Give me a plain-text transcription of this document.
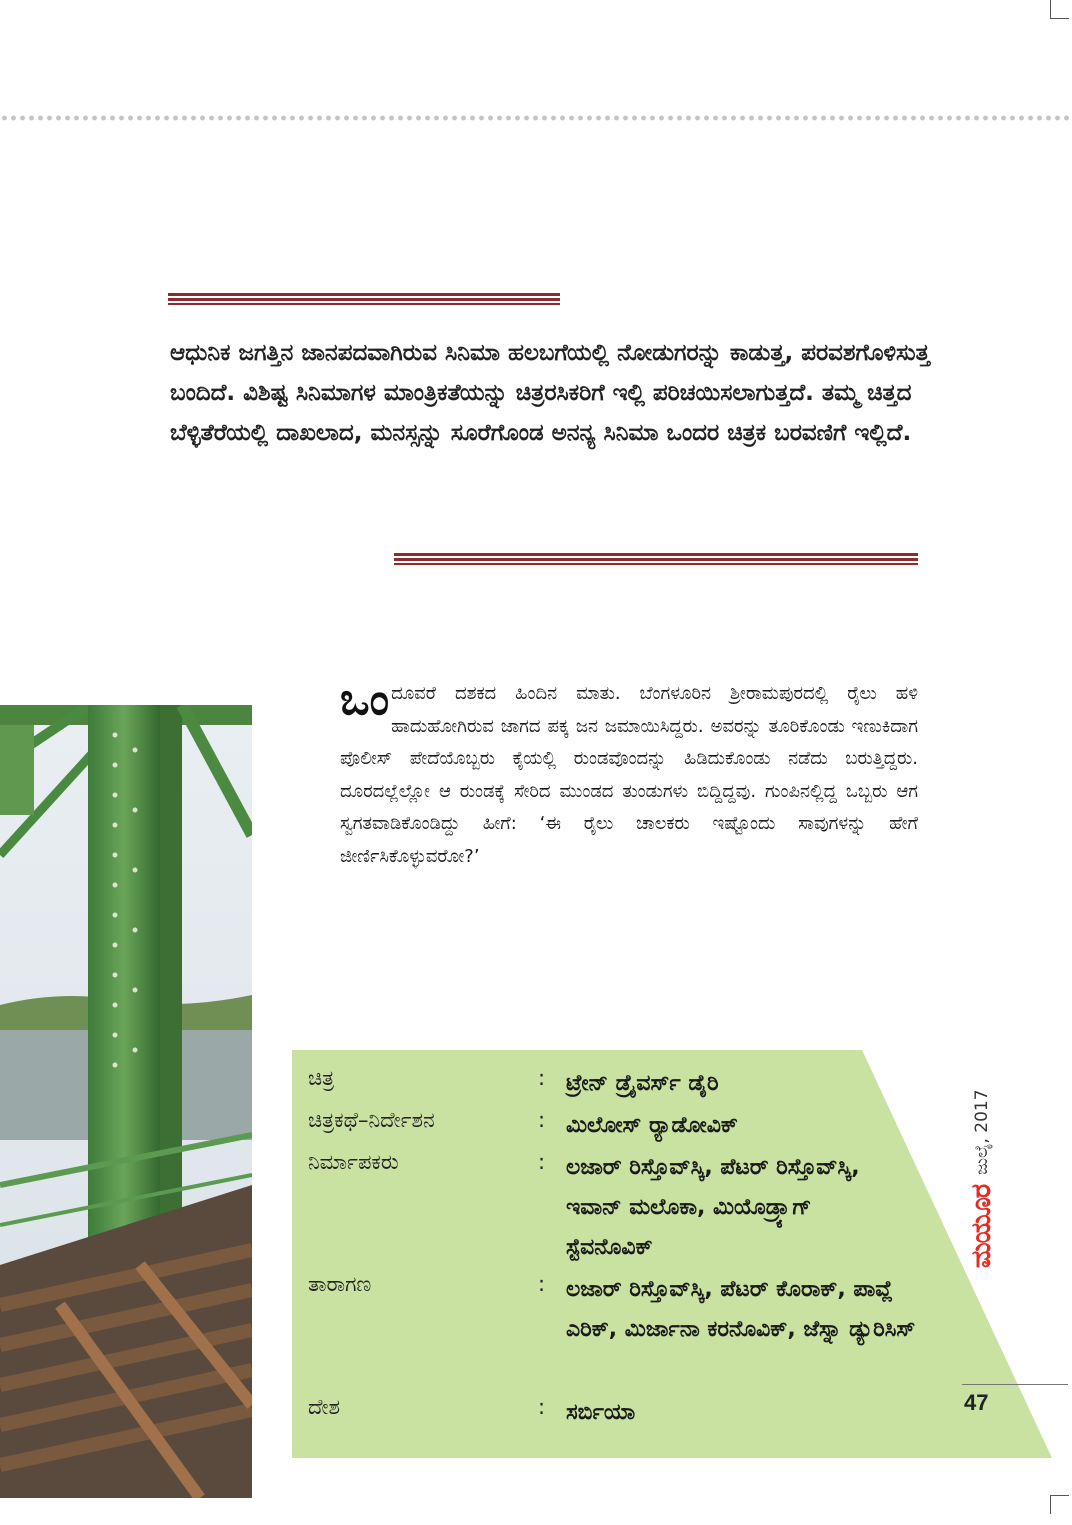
ಆಧುನಿಕ ಜಗತ್ತಿನ ಜಾನಪದವಾಗಿರುವ ಸಿನಿಮಾ ಹಲಬಗೆಯಲ್ಲಿ ನೋಡುಗರನ್ನು ಕಾಡುತ್ತ, ಪರವಶಗೊಳಿಸುತ್ತ ಬಂದಿದೆ. ವಿಶಿಷ್ಟ ಸಿನಿಮಾಗಳ ಮಾಂತ್ರಿಕತೆಯನ್ನು ಚಿತ್ರರಸಿಕರಿಗೆ ಇಲ್ಲಿ ಪರಿಚಯಿಸಲಾಗುತ್ತದೆ. ತಮ್ಮ ಚಿತ್ತದ ಬೆಳ್ಳಿತೆರೆಯಲ್ಲಿ ದಾಖಲಾದ, ಮನಸ್ಸನ್ನು ಸೂರೆಗೊಂಡ ಅನನ್ಯ ಸಿನಿಮಾ ಒಂದರ ಚಿತ್ರಕ ಬರವಣಿಗೆ ಇಲ್ಲಿದೆ.

ಒಂದೂವರೆ ದಶಕದ ಹಿಂದಿನ ಮಾತು. ಬೆಂಗಳೂರಿನ ಶ್ರೀರಾಮಪುರದಲ್ಲಿ ರೈಲು ಹಳಿ ಹಾದುಹೋಗಿರುವ ಜಾಗದ ಪಕ್ಕ ಜನ ಜಮಾಯಿಸಿದ್ದರು. ಅವರನ್ನು ತೂರಿಕೊಂಡು ಇಣುಕಿದಾಗ ಪೊಲೀಸ್ ಪೇದೆಯೊಬ್ಬರು ಕೈಯಲ್ಲಿ ರುಂಡವೊಂದನ್ನು ಹಿಡಿದುಕೊಂಡು ನಡೆದು ಬರುತ್ತಿದ್ದರು. ದೂರದಲ್ಲೆಲ್ಲೋ ಆ ರುಂಡಕ್ಕೆ ಸೇರಿದ ಮುಂಡದ ತುಂಡುಗಳು ಬಿದ್ದಿದ್ದವು. ಗುಂಪಿನಲ್ಲಿದ್ದ ಒಬ್ಬರು ಆಗ ಸ್ವಗತವಾಡಿಕೊಂಡಿದ್ದು ಹೀಗೆ: ‘ಈ ರೈಲು ಚಾಲಕರು ಇಷ್ಟೊಂದು ಸಾವುಗಳನ್ನು ಹೇಗೆ ಜೀರ್ಣಿಸಿಕೊಳ್ಳುವರೋ?’

ಚಿತ್ರ	: ಟ್ರೇನ್ ಡ್ರೈವರ್ಸ್ ಡೈರಿ
ಚಿತ್ರಕಥೆ–ನಿರ್ದೇಶನ	: ಮಿಲೋಸ್ ರ‍್ಯಾಡೋವಿಕ್
ನಿರ್ಮಾಪಕರು	: ಲಜಾರ್ ರಿಸ್ತೊವ್‌ಸ್ಕಿ, ಪೆಟರ್ ರಿಸ್ತೊವ್‌ಸ್ಕಿ, ಇವಾನ್ ಮಲೊಕಾ, ಮಿಯೊಡ್ರ‍್ಯಾಗ್ ಸ್ಟೆವನೊವಿಕ್
ತಾರಾಗಣ	: ಲಜಾರ್ ರಿಸ್ತೊವ್‌ಸ್ಕಿ, ಪೆಟರ್ ಕೊರಾಕ್, ಪಾವ್ಲೆ ಎರಿಕ್, ಮಿರ್ಜಾನಾ ಕರನೊವಿಕ್, ಜೆಸ್ನಾ ಡ್ಯುರಿಸಿಸ್
ದೇಶ	: ಸರ್ಬಿಯಾ
ಮಯೂರ
ಜುಲೈ, 2017
47
